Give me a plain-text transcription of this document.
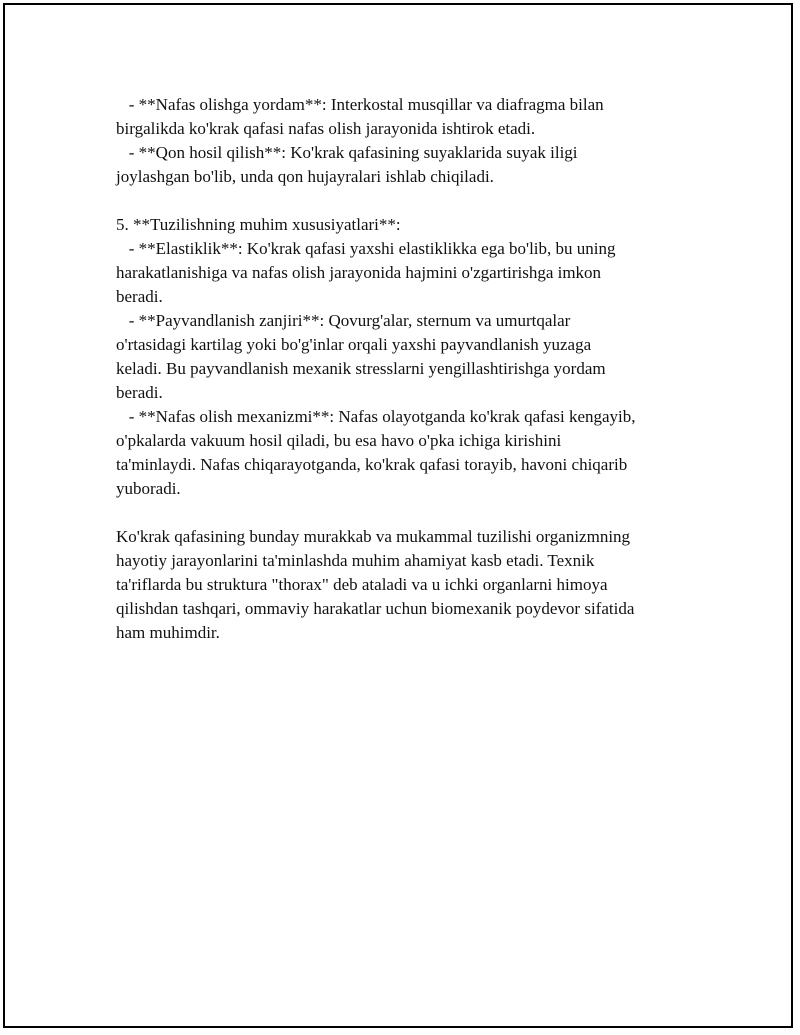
- **Nafas olishga yordam**: Interkostal musqillar va diafragma bilan
birgalikda ko'krak qafasi nafas olish jarayonida ishtirok etadi.
- **Qon hosil qilish**: Ko'krak qafasining suyaklarida suyak iligi
joylashgan bo'lib, unda qon hujayralari ishlab chiqiladi.
5. **Tuzilishning muhim xususiyatlari**:
- **Elastiklik**: Ko'krak qafasi yaxshi elastiklikka ega bo'lib, bu uning
harakatlanishiga va nafas olish jarayonida hajmini o'zgartirishga imkon
beradi.
- **Payvandlanish zanjiri**: Qovurg'alar, sternum va umurtqalar
o'rtasidagi kartilag yoki bo'g'inlar orqali yaxshi payvandlanish yuzaga
keladi. Bu payvandlanish mexanik stresslarni yengillashtirishga yordam
beradi.
- **Nafas olish mexanizmi**: Nafas olayotganda ko'krak qafasi kengayib,
o'pkalarda vakuum hosil qiladi, bu esa havo o'pka ichiga kirishini
ta'minlaydi. Nafas chiqarayotganda, ko'krak qafasi torayib, havoni chiqarib
yuboradi.
Ko'krak qafasining bunday murakkab va mukammal tuzilishi organizmning
hayotiy jarayonlarini ta'minlashda muhim ahamiyat kasb etadi. Texnik
ta'riflarda bu struktura "thorax" deb ataladi va u ichki organlarni himoya
qilishdan tashqari, ommaviy harakatlar uchun biomexanik poydevor sifatida
ham muhimdir.
